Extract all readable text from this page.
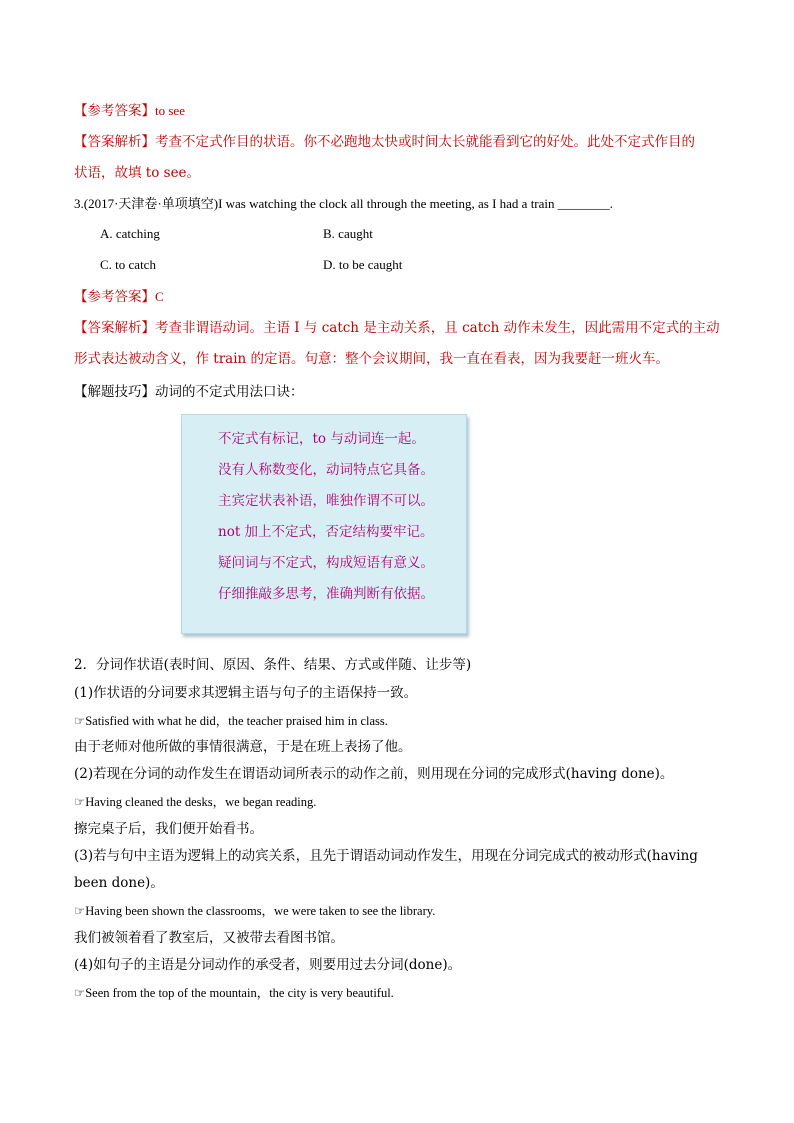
【参考答案】to see
【答案解析】考查不定式作目的状语。你不必跑地太快或时间太长就能看到它的好处。此处不定式作目的
状语，故填 to see。
3.(2017·天津卷·单项填空)I was watching the clock all through the meeting, as I had a train ________.
A. catching	B. caught
C. to catch	D. to be caught
【参考答案】C
【答案解析】考查非谓语动词。主语 I 与 catch 是主动关系，且 catch 动作未发生，因此需用不定式的主动
形式表达被动含义，作 train 的定语。句意：整个会议期间，我一直在看表，因为我要赶一班火车。
【解题技巧】动词的不定式用法口诀：
不定式有标记，to 与动词连一起。
没有人称数变化，动词特点它具备。
主宾定状表补语，唯独作谓不可以。
not 加上不定式，否定结构要牢记。
疑问词与不定式，构成短语有意义。
仔细推敲多思考，准确判断有依据。
2．分词作状语(表时间、原因、条件、结果、方式或伴随、让步等)
(1)作状语的分词要求其逻辑主语与句子的主语保持一致。
☞Satisfied with what he did，the teacher praised him in class.
由于老师对他所做的事情很满意，于是在班上表扬了他。
(2)若现在分词的动作发生在谓语动词所表示的动作之前，则用现在分词的完成形式(having done)。
☞Having cleaned the desks，we began reading.
擦完桌子后，我们便开始看书。
(3)若与句中主语为逻辑上的动宾关系，且先于谓语动词动作发生，用现在分词完成式的被动形式(having
been done)。
☞Having been shown the classrooms，we were taken to see the library.
我们被领着看了教室后，又被带去看图书馆。
(4)如句子的主语是分词动作的承受者，则要用过去分词(done)。
☞Seen from the top of the mountain，the city is very beautiful.
